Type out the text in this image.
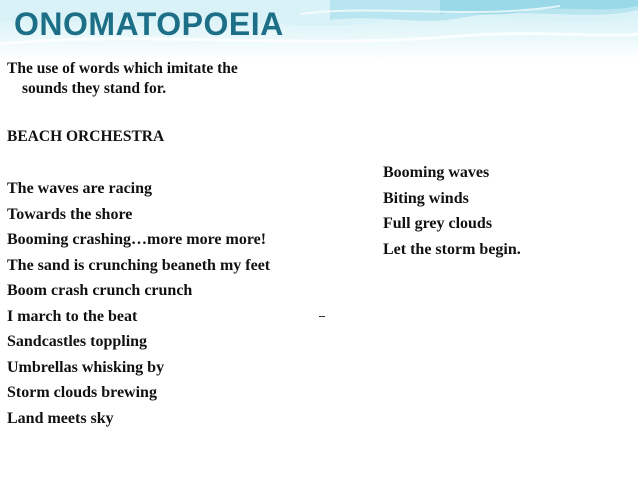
ONOMATOPOEIA
The use of words which imitate the
sounds they stand for.
BEACH ORCHESTRA
The waves are racing
Towards the shore
Booming crashing…more more more!
The sand is crunching beaneth my feet
Boom crash crunch crunch
I march to the beat
Sandcastles toppling
Umbrellas whisking by
Storm clouds brewing
Land meets sky
Booming waves
Biting winds
Full grey clouds
Let the storm begin.
